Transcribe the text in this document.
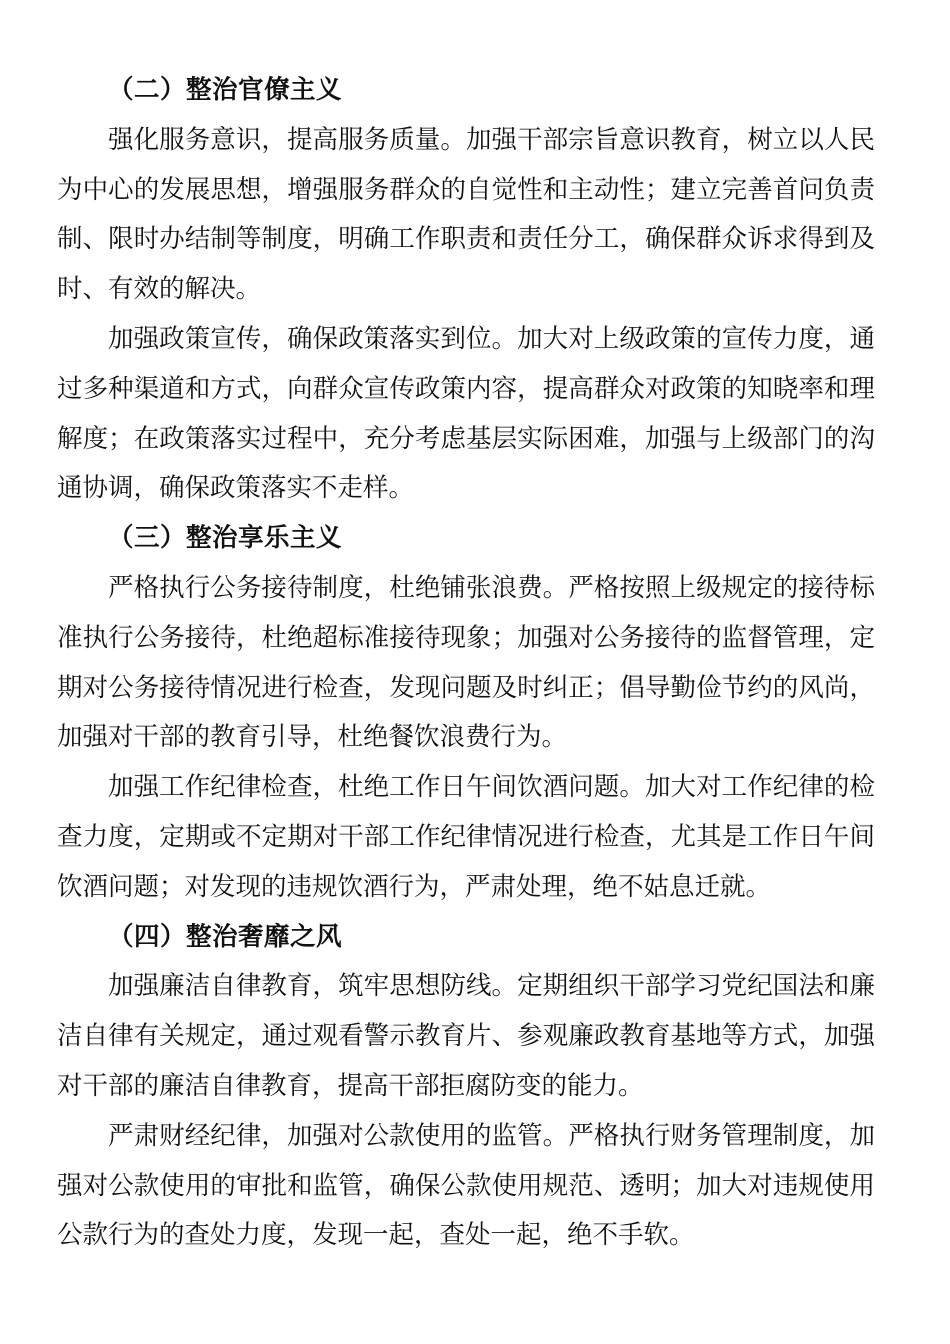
（二）整治官僚主义

强化服务意识，提高服务质量。加强干部宗旨意识教育，树立以人民为中心的发展思想，增强服务群众的自觉性和主动性；建立完善首问负责制、限时办结制等制度，明确工作职责和责任分工，确保群众诉求得到及时、有效的解决。

加强政策宣传，确保政策落实到位。加大对上级政策的宣传力度，通过多种渠道和方式，向群众宣传政策内容，提高群众对政策的知晓率和理解度；在政策落实过程中，充分考虑基层实际困难，加强与上级部门的沟通协调，确保政策落实不走样。

（三）整治享乐主义

严格执行公务接待制度，杜绝铺张浪费。严格按照上级规定的接待标准执行公务接待，杜绝超标准接待现象；加强对公务接待的监督管理，定期对公务接待情况进行检查，发现问题及时纠正；倡导勤俭节约的风尚，加强对干部的教育引导，杜绝餐饮浪费行为。

加强工作纪律检查，杜绝工作日午间饮酒问题。加大对工作纪律的检查力度，定期或不定期对干部工作纪律情况进行检查，尤其是工作日午间饮酒问题；对发现的违规饮酒行为，严肃处理，绝不姑息迁就。

（四）整治奢靡之风

加强廉洁自律教育，筑牢思想防线。定期组织干部学习党纪国法和廉洁自律有关规定，通过观看警示教育片、参观廉政教育基地等方式，加强对干部的廉洁自律教育，提高干部拒腐防变的能力。

严肃财经纪律，加强对公款使用的监管。严格执行财务管理制度，加强对公款使用的审批和监管，确保公款使用规范、透明；加大对违规使用公款行为的查处力度，发现一起，查处一起，绝不手软。
